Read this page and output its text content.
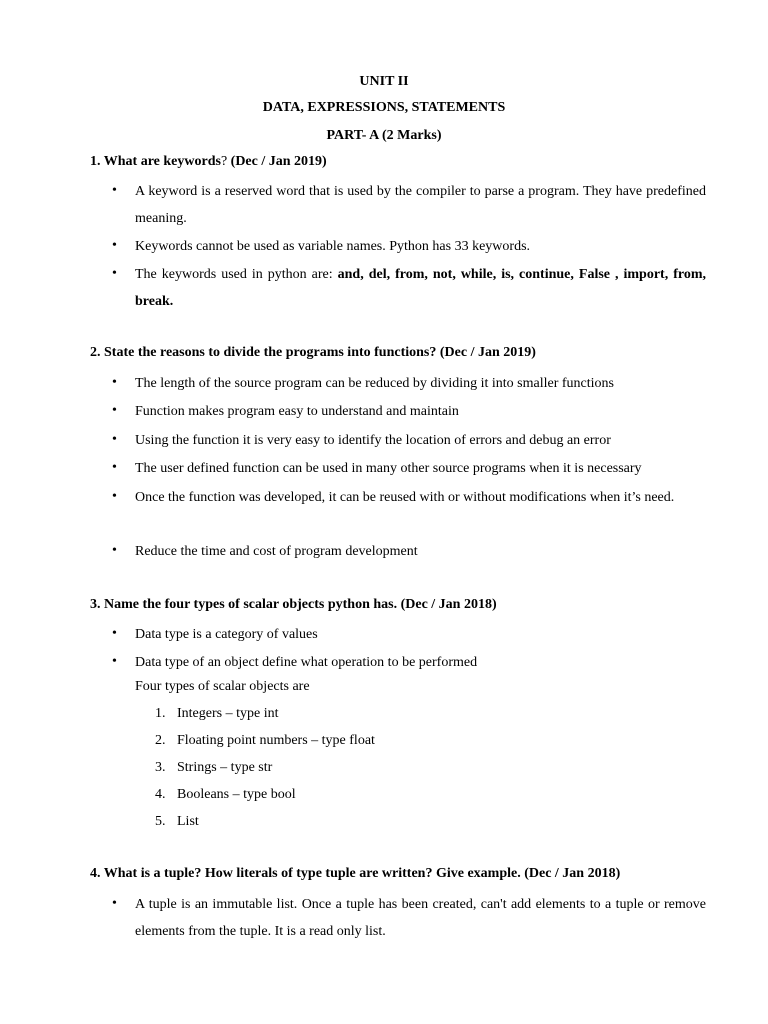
UNIT II
DATA, EXPRESSIONS, STATEMENTS
PART- A (2 Marks)
1. What are keywords? (Dec / Jan 2019)
•	A keyword is a reserved word that is used by the compiler to parse a program. They have predefined meaning.
•	Keywords cannot be used as variable names. Python has 33 keywords.
•	The keywords used in python are: and, del, from, not, while, is, continue, False , import, from, break.
2. State the reasons to divide the programs into functions? (Dec / Jan 2019)
•	The length of the source program can be reduced by dividing it into smaller functions
•	Function makes program easy to understand and maintain
•	Using the function it is very easy to identify the location of errors and debug an error
•	The user defined function can be used in many other source programs when it is necessary
•	Once the function was developed, it can be reused with or without modifications when it’s need.
•	Reduce the time and cost of program development
3. Name the four types of scalar objects python has. (Dec / Jan 2018)
•	Data type is a category of values
•	Data type of an object define what operation to be performed
Four types of scalar objects are
1. Integers – type int
2. Floating point numbers – type float
3. Strings – type str
4. Booleans – type bool
5. List
4. What is a tuple? How literals of type tuple are written? Give example. (Dec / Jan 2018)
•	A tuple is an immutable list. Once a tuple has been created, can't add elements to a tuple or remove elements from the tuple. It is a read only list.
